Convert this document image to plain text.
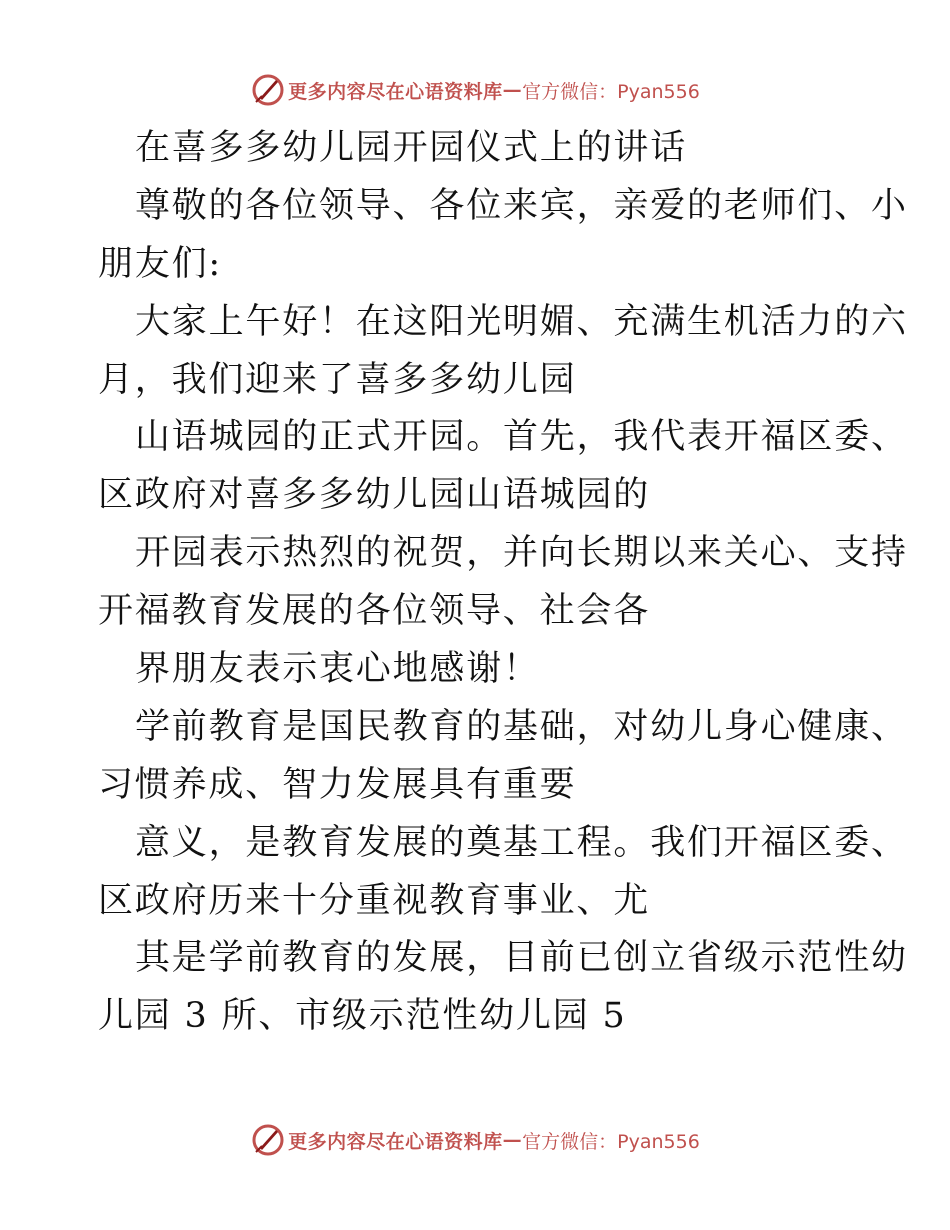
更多内容尽在心语资料库 — 官方微信：Pyan556
在喜多多幼儿园开园仪式上的讲话
尊敬的各位领导、各位来宾，亲爱的老师们、小
朋友们:
大家上午好！在这阳光明媚、充满生机活力的六
月，我们迎来了喜多多幼儿园
山语城园的正式开园。首先，我代表开福区委、
区政府对喜多多幼儿园山语城园的
开园表示热烈的祝贺，并向长期以来关心、支持
开福教育发展的各位领导、社会各
界朋友表示衷心地感谢！
学前教育是国民教育的基础，对幼儿身心健康、
习惯养成、智力发展具有重要
意义，是教育发展的奠基工程。我们开福区委、
区政府历来十分重视教育事业、尤
其是学前教育的发展，目前已创立省级示范性幼
儿园 3 所、市级示范性幼儿园 5
更多内容尽在心语资料库 — 官方微信：Pyan556
